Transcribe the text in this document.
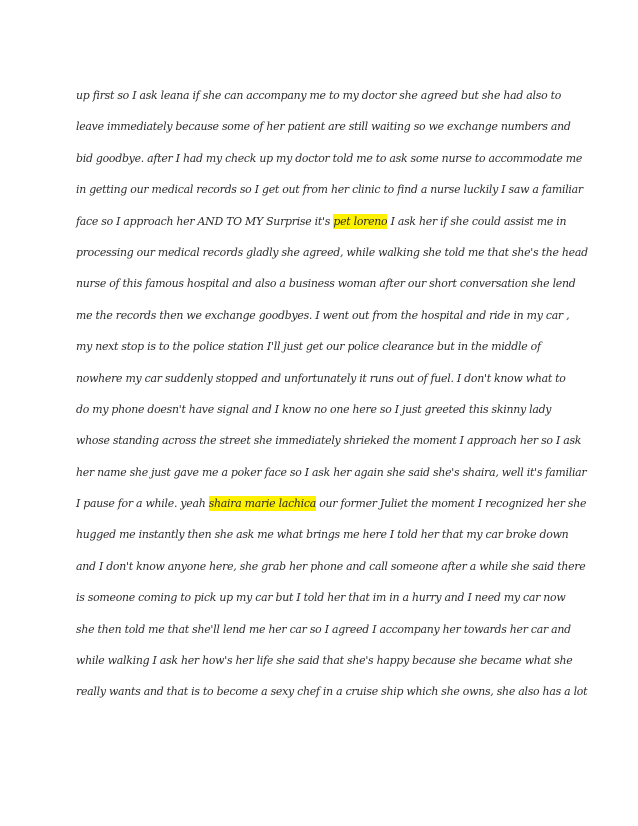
up first so I ask leana if she can accompany me to my doctor she agreed but she had also to
leave immediately because some of her patient are still waiting so we exchange numbers and
bid goodbye. after I had my check up my doctor told me to ask some nurse to accommodate me
in getting our medical records so I get out from her clinic to find a nurse luckily I saw a familiar
face so I approach her AND TO MY Surprise it's pet loreno I ask her if she could assist me in
processing our medical records gladly she agreed, while walking she told me that she's the head
nurse of this famous hospital and also a business woman after our short conversation she lend
me the records then we exchange goodbyes. I went out from the hospital and ride in my car ,
my next stop is to the police station I'll just get our police clearance but in the middle of
nowhere my car suddenly stopped and unfortunately it runs out of fuel. I don't know what to
do my phone doesn't have signal and I know no one here so I just greeted this skinny lady
whose standing across the street she immediately shrieked the moment I approach her so I ask
her name she just gave me a poker face so I ask her again she said she's shaira, well it's familiar
I pause for a while. yeah shaira marie lachica our former Juliet the moment I recognized her she
hugged me instantly then she ask me what brings me here I told her that my car broke down
and I don't know anyone here, she grab her phone and call someone after a while she said there
is someone coming to pick up my car but I told her that im in a hurry and I need my car now
she then told me that she'll lend me her car so I agreed I accompany her towards her car and
while walking I ask her how's her life she said that she's happy because she became what she
really wants and that is to become a sexy chef in a cruise ship which she owns, she also has a lot
